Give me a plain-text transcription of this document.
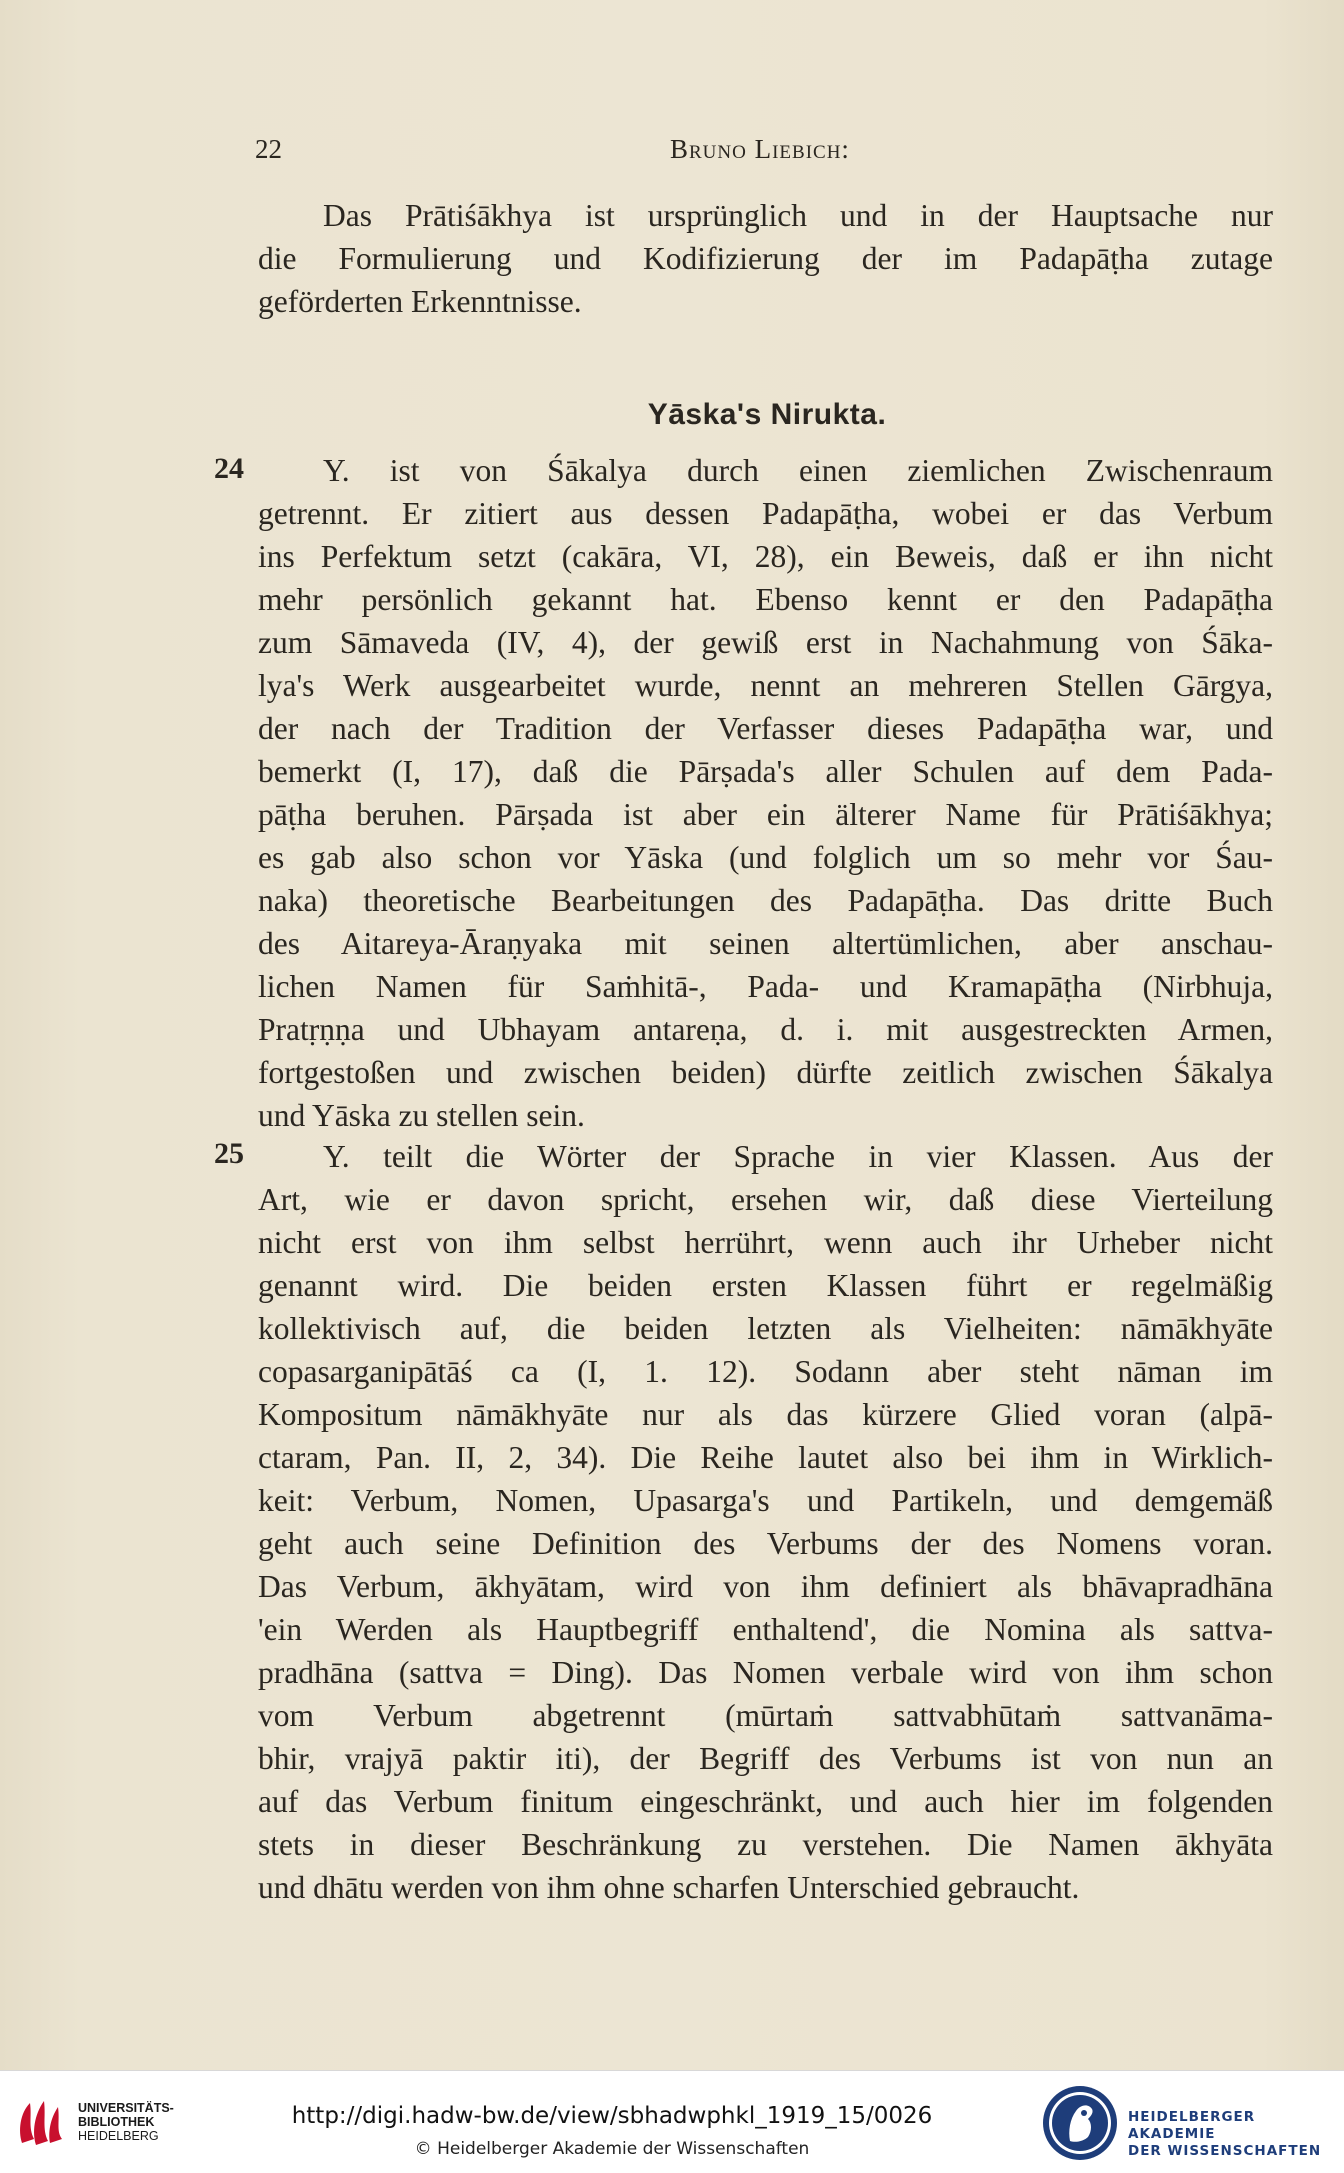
22	Bruno Liebich:
Das Prātiśākhya ist ursprünglich und in der Hauptsache nur
die Formulierung und Kodifizierung der im Padapāṭha zutage
geförderten Erkenntnisse.
Yāska's Nirukta.
24	Y. ist von Śākalya durch einen ziemlichen Zwischenraum
getrennt. Er zitiert aus dessen Padapāṭha, wobei er das Verbum
ins Perfektum setzt (cakāra, VI, 28), ein Beweis, daß er ihn nicht
mehr persönlich gekannt hat. Ebenso kennt er den Padapāṭha
zum Sāmaveda (IV, 4), der gewiß erst in Nachahmung von Śāka-
lya's Werk ausgearbeitet wurde, nennt an mehreren Stellen Gārgya,
der nach der Tradition der Verfasser dieses Padapāṭha war, und
bemerkt (I, 17), daß die Pārṣada's aller Schulen auf dem Pada-
pāṭha beruhen. Pārṣada ist aber ein älterer Name für Prātiśākhya;
es gab also schon vor Yāska (und folglich um so mehr vor Śau-
naka) theoretische Bearbeitungen des Padapāṭha. Das dritte Buch
des Aitareya-Āraṇyaka mit seinen altertümlichen, aber anschau-
lichen Namen für Saṁhitā-, Pada- und Kramapāṭha (Nirbhuja,
Pratṛṇṇa und Ubhayam antareṇa, d. i. mit ausgestreckten Armen,
fortgestoßen und zwischen beiden) dürfte zeitlich zwischen Śākalya
und Yāska zu stellen sein.
25	Y. teilt die Wörter der Sprache in vier Klassen. Aus der
Art, wie er davon spricht, ersehen wir, daß diese Vierteilung
nicht erst von ihm selbst herrührt, wenn auch ihr Urheber nicht
genannt wird. Die beiden ersten Klassen führt er regelmäßig
kollektivisch auf, die beiden letzten als Vielheiten: nāmākhyāte
copasarganipātāś ca (I, 1. 12). Sodann aber steht nāman im
Kompositum nāmākhyāte nur als das kürzere Glied voran (alpā-
ctaram, Pan. II, 2, 34). Die Reihe lautet also bei ihm in Wirklich-
keit: Verbum, Nomen, Upasarga's und Partikeln, und demgemäß
geht auch seine Definition des Verbums der des Nomens voran.
Das Verbum, ākhyātam, wird von ihm definiert als bhāvapradhāna
'ein Werden als Hauptbegriff enthaltend', die Nomina als sattva-
pradhāna (sattva = Ding). Das Nomen verbale wird von ihm schon
vom Verbum abgetrennt (mūrtaṁ sattvabhūtaṁ sattvanāma-
bhir, vrajyā paktir iti), der Begriff des Verbums ist von nun an
auf das Verbum finitum eingeschränkt, und auch hier im folgenden
stets in dieser Beschränkung zu verstehen. Die Namen ākhyāta
und dhātu werden von ihm ohne scharfen Unterschied gebraucht.
UNIVERSITÄTS-
BIBLIOTHEK
HEIDELBERG
http://digi.hadw-bw.de/view/sbhadwphkl_1919_15/0026
© Heidelberger Akademie der Wissenschaften
HEIDELBERGER AKADEMIE
DER WISSENSCHAFTEN
